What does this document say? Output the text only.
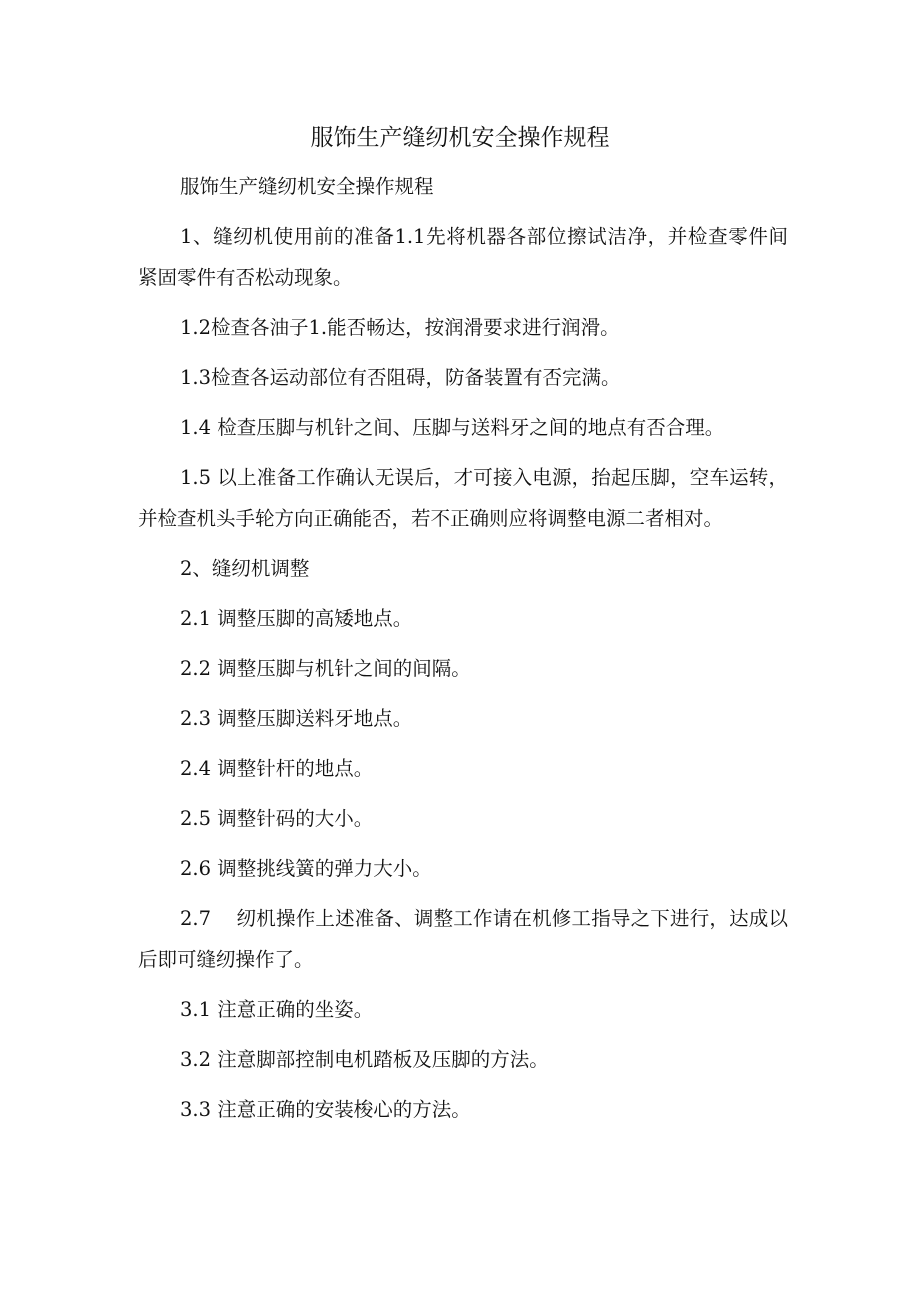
服饰生产缝纫机安全操作规程

服饰生产缝纫机安全操作规程

1、缝纫机使用前的准备1.1先将机器各部位擦试洁净，并检查零件间紧固零件有否松动现象。

1.2检查各油子1.能否畅达，按润滑要求进行润滑。

1.3检查各运动部位有否阻碍，防备装置有否完满。

1.4 检查压脚与机针之间、压脚与送料牙之间的地点有否合理。

1.5 以上准备工作确认无误后，才可接入电源，抬起压脚，空车运转，并检查机头手轮方向正确能否，若不正确则应将调整电源二者相对。

2、缝纫机调整

2.1 调整压脚的高矮地点。

2.2 调整压脚与机针之间的间隔。

2.3 调整压脚送料牙地点。

2.4 调整针杆的地点。

2.5 调整针码的大小。

2.6 调整挑线簧的弹力大小。

2.7    纫机操作上述准备、调整工作请在机修工指导之下进行，达成以后即可缝纫操作了。

3.1 注意正确的坐姿。

3.2 注意脚部控制电机踏板及压脚的方法。

3.3 注意正确的安装梭心的方法。
